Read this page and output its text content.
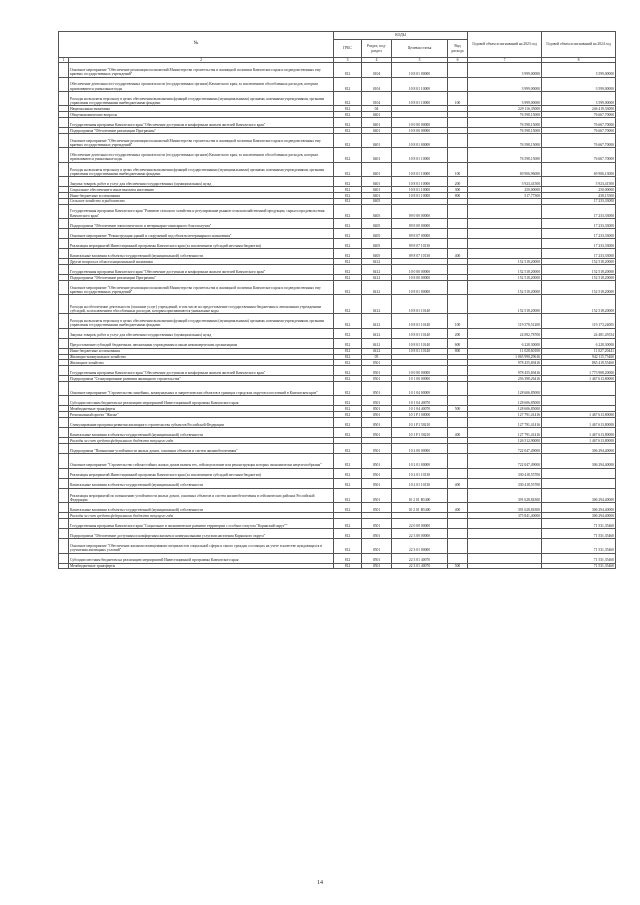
№		КОДЫ				Годовой объем ассигнований на 2023 год	Годовой объем ассигнований на 2024 год
		ГРБС	Раздел, под-раздел	Целевая статья	Вид расхода		
1	2	3	4	5	6	7	8
	Основное мероприятие "Обеспечение реализации полномочий Министерства строительства и жилищной политики Камчатского края и подведомственных ему краевых государственных учреждений"	812	0104	10 8 01 00000		3 999,00000	3 599,00000
	Обеспечение деятельности государственных органов власти (государственных органов) Камчатского края, за исключением обособленных расходов, которым присваиваются уникальные коды	812	0104	10 8 01 10000		3 999,00000	3 599,00000
	Расходы на выплаты персоналу в целях обеспечения выполнения функций государственными (муниципальными) органами, казенными учреждениями, органами управления государственными внебюджетными фондами	812	0104	10 8 01 10000	100	3 999,00000	3 599,00000
	Национальная экономика	812	04			229 116,35000	246 419,33000
	Общеэкономические вопросы	812	0401			76 598,15000	76 667,70000
	Государственная программа Камчатского края "Обеспечение доступным и комфортным жильем жителей Камчатского края"	812	0401	10 0 00 00000		76 598,15000	76 667,70000
	Подпрограмма "Обеспечение реализации Программы"	812	0401	10 8 00 00000		76 598,15000	76 667,70000
	Основное мероприятие "Обеспечение реализации полномочий Министерства строительства и жилищной политики Камчатского края и подведомственных ему краевых государственных учреждений"	812	0401	10 8 01 00000		76 598,15000	76 667,70000
	Обеспечение деятельности государственных органов власти (государственных органов) Камчатского края, за исключением обособленных расходов, которым присваиваются уникальные коды	812	0401	10 8 01 10000		76 598,15000	76 667,70000
	Расходы на выплаты персоналу в целях обеспечения выполнения функций государственными (муниципальными) органами, казенными учреждениями, органами управления государственными внебюджетными фондами	812	0401	10 8 01 10000	100	69 906,96000	69 906,13000
	Закупка товаров, работ и услуг для обеспечения государственных (муниципальных) нужд	812	0401	10 8 01 10000	200	5 923,41500	5 923,41500
	Социальное обеспечение и иные выплаты населению	812	0401	10 8 01 10000	300	250,00000	250,00000
	Иные бюджетные ассигнования	812	0401	10 8 01 10000	800	517,77500	438,15500
	Сельское хозяйство и рыболовство	812	0405				17 233,33000
	Государственная программа Камчатского края "Развитие сельского хозяйства и регулирование рынков сельскохозяйственной продукции, сырья и продовольствия Камчатского края"	812	0405	09 0 00 00000			17 233,33000
	Подпрограмма "Обеспечение эпизоотического и ветеринарно-санитарного благополучия"	812	0405	09 8 00 00000			17 233,33000
	Основное мероприятие "Реконструкция зданий и сооружений под объекты ветеринарного назначения"	812	0405	09 8 07 00000			17 233,33000
	Реализация мероприятий Инвестиционной программы Камчатского края (за исключением субсидий местным бюджетам)	812	0405	09 8 07 10130			17 233,33000
	Капитальные вложения в объекты государственной (муниципальной) собственности	812	0405	09 8 07 10130	400		17 233,33000
	Другие вопросы в области национальной экономики	812	0412			152 518,20000	152 518,20000
	Государственная программа Камчатского края "Обеспечение доступным и комфортным жильем жителей Камчатского края"	812	0412	10 0 00 00000		152 518,20000	152 518,20000
	Подпрограмма "Обеспечение реализации Программы"	812	0412	10 8 00 00000		152 518,20000	152 518,20000
	Основное мероприятие "Обеспечение реализации полномочий Министерства строительства и жилищной политики Камчатского края и подведомственных ему краевых государственных учреждений"	812	0412	10 8 01 00000		152 518,20000	152 518,20000
	Расходы на обеспечение деятельности (оказание услуг) учреждений, в том числе на предоставление государственным бюджетным и автономным учреждениям субсидий, за исключением обособленных расходов, которым присваиваются уникальные коды	812	0412	10 8 01 10140		152 518,20000	152 518,20000
	Расходы на выплаты персоналу в целях обеспечения выполнения функций государственными (муниципальными) органами, казенными учреждениями, органами управления государственными внебюджетными фондами	812	0412	10 8 01 10140	100	119 578,51200	119 173,24005
	Закупка товаров, работ и услуг для обеспечения государственных (муниципальных) нужд	812	0412	10 8 01 10140	200	24 082,78700	24 481,45554
	Предоставление субсидий бюджетным, автономным учреждениям и иным некоммерческим организациям	812	0412	10 8 01 10140	600	6 228,30000	6 228,30000
	Иные бюджетные ассигнования	812	0412	10 8 01 10140	800	11 028,60100	11 027,20441
	Жилищно-коммунальное хозяйство	812	05			1 065 990,29616	942 115,75460
	Жилищное хозяйство	812	0501			978 455,69416	865 419,55460
	Государственная программа Камчатского края "Обеспечение доступным и комфортным жильем жителей Камчатского края"	812	0501	10 0 00 00000		978 455,69416	1 773 908,20000
	Подпрограмма "Стимулирование развития жилищного строительства"	812	0501	10 1 00 00000		256 398,26416	1 467 613,80000
	Основное мероприятие "Строительство линейных, коммунальных и энергетических объектов в границах городских округов и поселений в Камчатском крае"	812	0501	10 1 04 00000		128 606,85000	
	Субсидии местным бюджетам на реализацию мероприятий Инвестиционной программы Камчатского края	812	0501	10 1 04 40070		128 606,85000	
	Межбюджетные трансферты	812	0501	10 1 04 40070	500	128 606,85000	
	Региональный проект "Жилье"	812	0501	10 1 F1 00000		127 791,41416	1 467 613,80000
	Стимулирование программ развития жилищного строительства субъектов Российской Федерации	812	0501	10 1 F1 50210		127 791,41416	1 467 613,80000
	Капитальные вложения в объекты государственной (муниципальной) собственности	812	0501	10 1 F1 50210	400	127 791,41416	1 467 613,80000
	Расходы за счет средств федерального бюджета текущего года					126 512,90000	1 467 613,80000
	Подпрограмма "Повышение устойчивости жилых домов, основных объектов и систем жизнеобеспечения"	812	0501	10 2 00 00000		722 047,49000	306 294,40000
	Основное мероприятие "Строительство сейсмостойких жилых домов взамен тех, сейсмоусиление или реконструкция которых экономически нецелесообразны"	812	0501	10 2 01 00000		722 047,49000	306 294,40000
	Реализация мероприятий Инвестиционной программы Камчатского края (за исключением субсидий местным бюджетам)	812	0501	10 2 01 10130		330 418,55700	
	Капитальные вложения в объекты государственной (муниципальной) собственности	812	0501	10 2 01 10130	400	330 418,55700	
	Реализация мероприятий по повышению устойчивости жилых домов, основных объектов и систем жизнеобеспечения в сейсмических районах Российской Федерации	812	0501	10 2 01 R5400		391 628,84300	306 294,40000
	Капитальные вложения в объекты государственной (муниципальной) собственности	812	0501	10 2 01 R5400	400	391 628,84300	306 294,40000
	Расходы за счет средств федерального бюджета текущего года					375 841,40000	306 294,40000
	Государственная программа Камчатского края "Социальное и экономическое развитие территории с особым статусом "Корякский округ""	812	0501	22 0 00 00000			71 531,35460
	Подпрограмма "Обеспечение доступным и комфортным жильем и коммунальными услугами населения Корякского округа"	812	0501	22 3 00 00000			71 531,35460
	Основное мероприятие "Обеспечение жилыми помещениями специалистов социальной сферы и такого граждан состоящих на учете в качестве нуждающихся в улучшении жилищных условий"	812	0501	22 3 01 00000			71 531,35460
	Субсидии местным бюджетам на реализацию мероприятий Инвестиционной программы Камчатского края	812	0501	22 3 01 40070			71 531,35460
	Межбюджетные трансферты	812	0501	22 3 01 40070	500		71 531,35460
14
